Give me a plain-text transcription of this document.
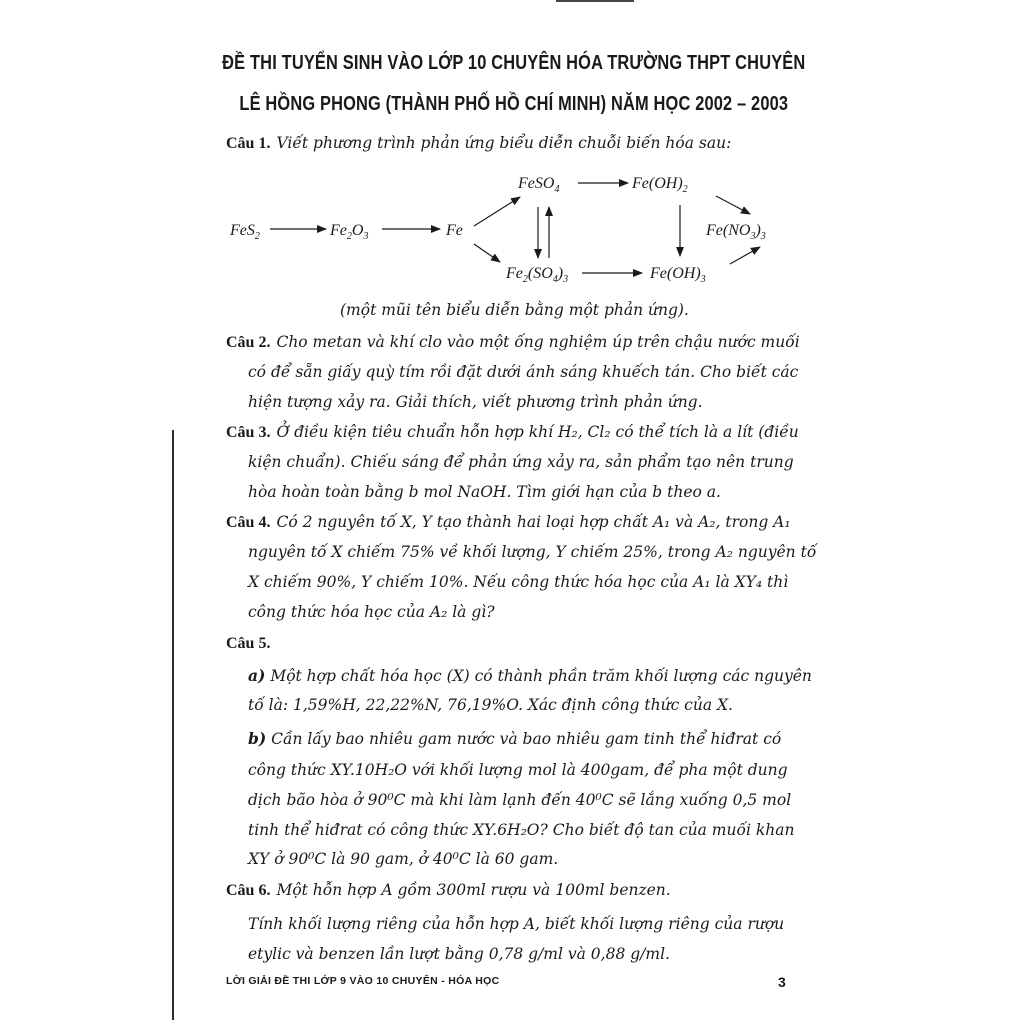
ĐỀ THI TUYỂN SINH VÀO LỚP 10 CHUYÊN HÓA TRƯỜNG THPT CHUYÊN
LÊ HỒNG PHONG (THÀNH PHỐ HỒ CHÍ MINH) NĂM HỌC 2002 – 2003
Câu 1. Viết phương trình phản ứng biểu diễn chuỗi biến hóa sau:
FeS$_2$	$Fe_2O_3$	Fe
FeSO$_4$	$Fe(OH)_2$
$Fe_2(SO_4)_3$	$Fe(OH)_3$
$Fe(NO_3)_3$
(một mũi tên biểu diễn bằng một phản ứng).
Câu 2. Cho metan và khí clo vào một ống nghiệm úp trên chậu nước muối
có để sẵn giấy quỳ tím rồi đặt dưới ánh sáng khuếch tán. Cho biết các
hiện tượng xảy ra. Giải thích, viết phương trình phản ứng.
Câu 3. Ở điều kiện tiêu chuẩn hỗn hợp khí H₂, Cl₂ có thể tích là a lít (điều
kiện chuẩn). Chiếu sáng để phản ứng xảy ra, sản phẩm tạo nên trung
hòa hoàn toàn bằng b mol NaOH. Tìm giới hạn của b theo a.
Câu 4. Có 2 nguyên tố X, Y tạo thành hai loại hợp chất A₁ và A₂, trong A₁
nguyên tố X chiếm 75% về khối lượng, Y chiếm 25%, trong A₂ nguyên tố
X chiếm 90%, Y chiếm 10%. Nếu công thức hóa học của A₁ là XY₄ thì
công thức hóa học của A₂ là gì?
Câu 5.
a) Một hợp chất hóa học (X) có thành phần trăm khối lượng các nguyên
tố là: 1,59%H, 22,22%N, 76,19%O. Xác định công thức của X.
b) Cần lấy bao nhiêu gam nước và bao nhiêu gam tinh thể hiđrat có
công thức XY.10H₂O với khối lượng mol là 400gam, để pha một dung
dịch bão hòa ở 90⁰C mà khi làm lạnh đến 40⁰C sẽ lắng xuống 0,5 mol
tinh thể hiđrat có công thức XY.6H₂O? Cho biết độ tan của muối khan
XY ở 90⁰C là 90 gam, ở 40⁰C là 60 gam.
Câu 6. Một hỗn hợp A gồm 300ml rượu và 100ml benzen.
Tính khối lượng riêng của hỗn hợp A, biết khối lượng riêng của rượu
etylic và benzen lần lượt bằng 0,78 g/ml và 0,88 g/ml.
LỜI GIẢI ĐỀ THI LỚP 9 VÀO 10 CHUYÊN - HÓA HỌC	3
